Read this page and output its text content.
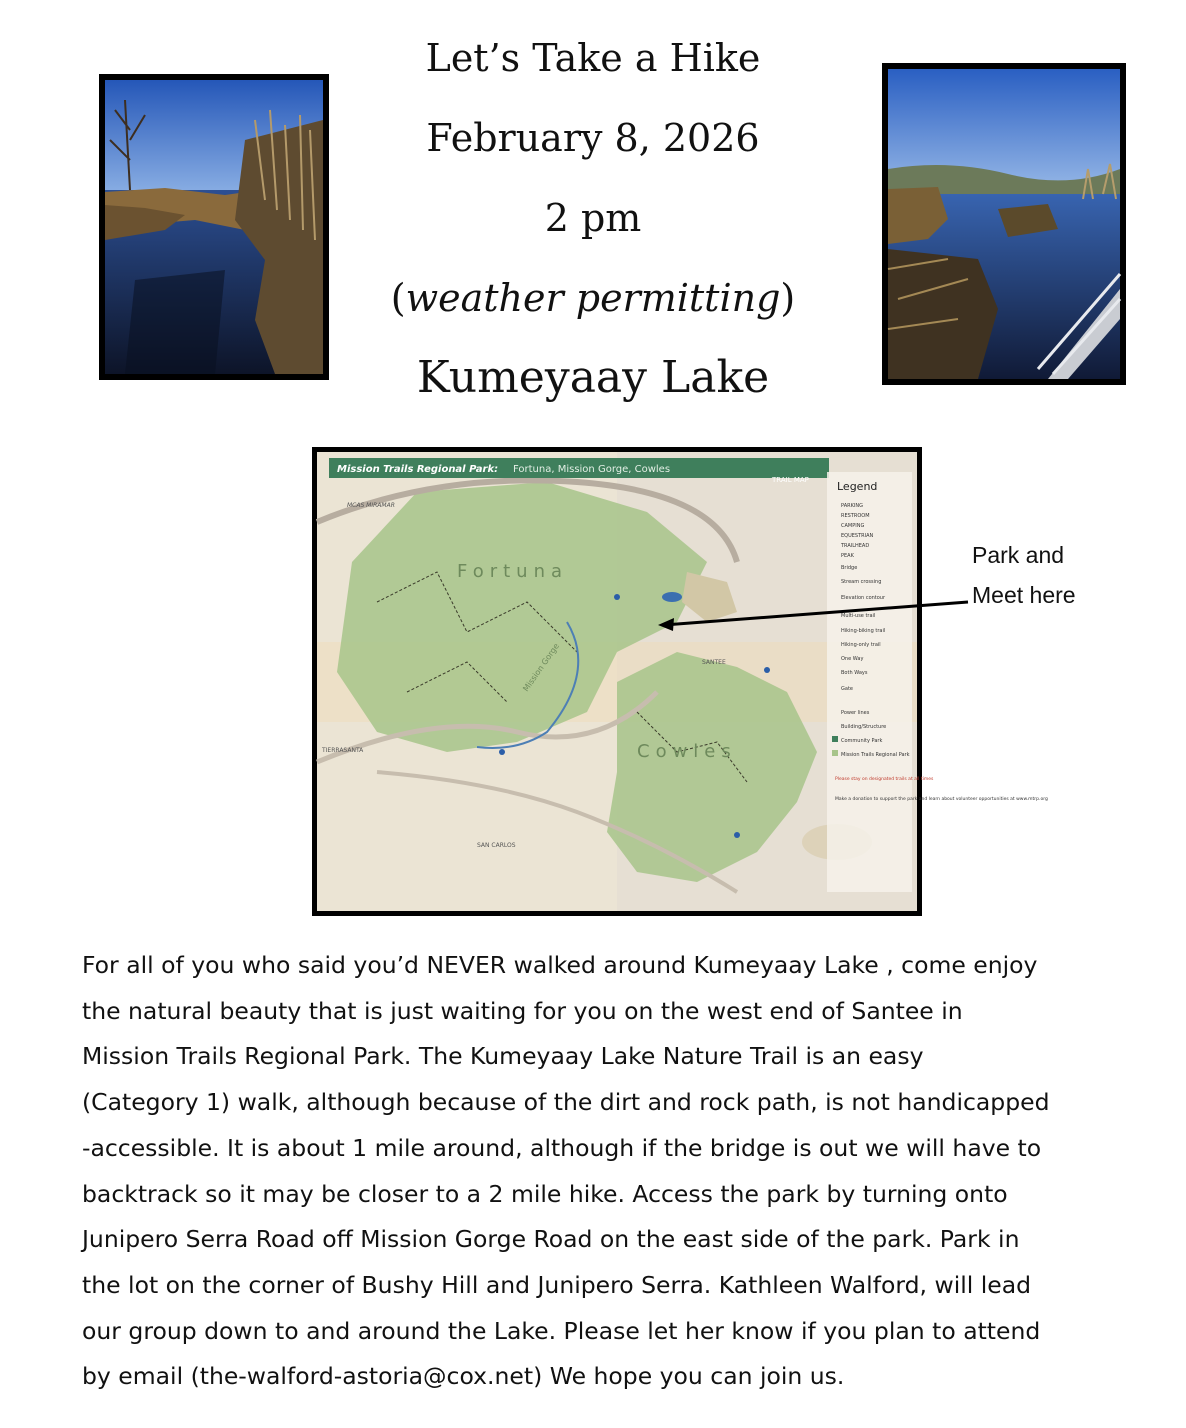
Let’s Take a Hike
February 8, 2026
2 pm
(weather permitting)
Kumeyaay Lake
Mission Trails Regional Park: Fortuna, Mission Gorge, Cowles
TRAIL MAP	Legend
PARKING
RESTROOM
CAMPING
EQUESTRIAN
TRAILHEAD
PEAK
Bridge
Stream crossing
Elevation contour
Multi-use trail
Hiking-biking trail
Hiking-only trail
One Way
Both Ways
Gate
Power lines
Building/Structure
Community Park
Mission Trails Regional Park
Please stay on designated trails at all times
Make a donation to support the park and learn about volunteer opportunities at www.mtrp.org
Fortuna
Cowles
Mission Gorge	SANTEE
TIERRASANTA
SAN CARLOS
MCAS MIRAMAR
Park and
Meet here
For all of you who said you’d NEVER walked around Kumeyaay Lake , come enjoy
the natural beauty that is just waiting for you on the west end of Santee in
Mission Trails Regional Park. The Kumeyaay Lake Nature Trail is an easy
(Category 1) walk, although because of the dirt and rock path, is not handicapped
-accessible. It is about 1 mile around, although if the bridge is out we will have to
backtrack so it may be closer to a 2 mile hike. Access the park by turning onto
Junipero Serra Road off Mission Gorge Road on the east side of the park. Park in
the lot on the corner of Bushy Hill and Junipero Serra. Kathleen Walford, will lead
our group down to and around the Lake. Please let her know if you plan to attend
by email (the-walford-astoria@cox.net) We hope you can join us.
